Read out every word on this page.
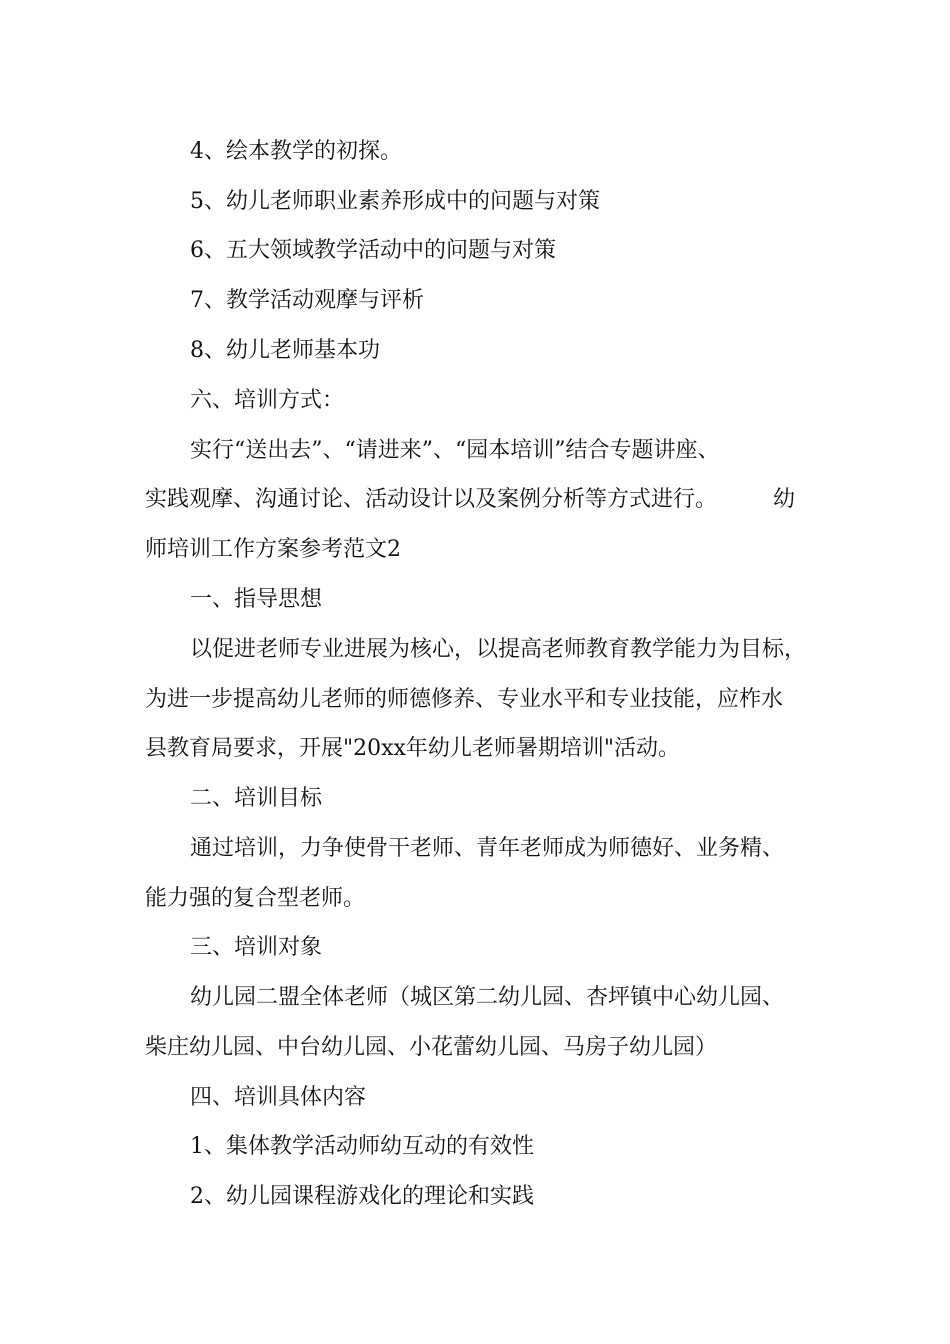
4、绘本教学的初探。
5、幼儿老师职业素养形成中的问题与对策
6、五大领域教学活动中的问题与对策
7、教学活动观摩与评析
8、幼儿老师基本功
六、培训方式：
实行“送出去”、“请进来”、“园本培训”结合专题讲座、
实践观摩、沟通讨论、活动设计以及案例分析等方式进行。        幼
师培训工作方案参考范文2
一、指导思想
以促进老师专业进展为核心，以提高老师教育教学能力为目标，
为进一步提高幼儿老师的师德修养、专业水平和专业技能，应柞水
县教育局要求，开展"20xx年幼儿老师暑期培训"活动。
二、培训目标
通过培训，力争使骨干老师、青年老师成为师德好、业务精、
能力强的复合型老师。
三、培训对象
幼儿园二盟全体老师（城区第二幼儿园、杏坪镇中心幼儿园、
柴庄幼儿园、中台幼儿园、小花蕾幼儿园、马房子幼儿园）
四、培训具体内容
1、集体教学活动师幼互动的有效性
2、幼儿园课程游戏化的理论和实践
